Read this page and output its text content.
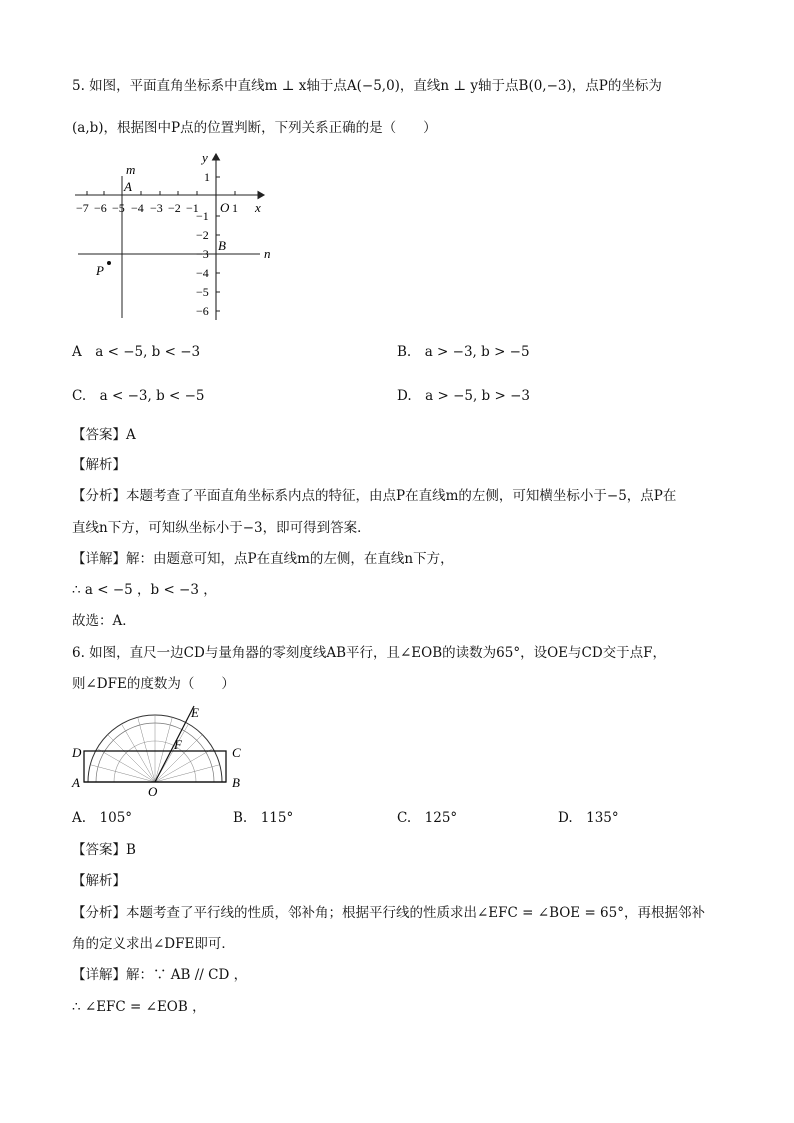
5. 如图，平面直角坐标系中直线m ⊥ x轴于点A(−5,0)，直线n ⊥ y轴于点B(0,−3)，点P的坐标为
(a,b)，根据图中P点的位置判断，下列关系正确的是（　　）
−7 −6 −5 −4 −3 −2 −1	1
1
−1
−2
−3
−4
−5
−6
y
x
O
m
n
A
B
P
A　a < −5, b < −3	B.　a > −3, b > −5
C.　a < −3, b < −5	D.　a > −5, b > −3
【答案】A
【解析】
【分析】本题考查了平面直角坐标系内点的特征，由点P在直线m的左侧，可知横坐标小于−5，点P在
直线n下方，可知纵坐标小于−3，即可得到答案．
【详解】解：由题意可知，点P在直线m的左侧，在直线n下方，
∴ a < −5 ，b < −3 ，
故选：A．
6. 如图，直尺一边CD与量角器的零刻度线AB平行，且∠EOB的读数为65°，设OE与CD交于点F，
则∠DFE的度数为（　　）
D
A
C
B
E
F
O
A.　105°	B.　115°	C.　125°	D.　135°
【答案】B
【解析】
【分析】本题考查了平行线的性质，邻补角；根据平行线的性质求出∠EFC = ∠BOE = 65°，再根据邻补
角的定义求出∠DFE即可．
【详解】解：∵ AB // CD ，
∴ ∠EFC = ∠EOB ，
